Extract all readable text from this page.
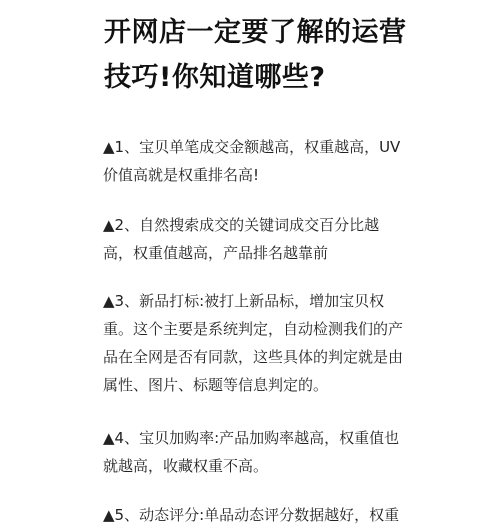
开网店一定要了解的运营
技巧!你知道哪些?

▲1、宝贝单笔成交金额越高，权重越高，UV
价值高就是权重排名高!

▲2、自然搜索成交的关键词成交百分比越
高，权重值越高，产品排名越靠前

▲3、新品打标:被打上新品标，增加宝贝权
重。这个主要是系统判定，自动检测我们的产
品在全网是否有同款，这些具体的判定就是由
属性、图片、标题等信息判定的。

▲4、宝贝加购率:产品加购率越高，权重值也
就越高，收藏权重不高。

▲5、动态评分:单品动态评分数据越好，权重
